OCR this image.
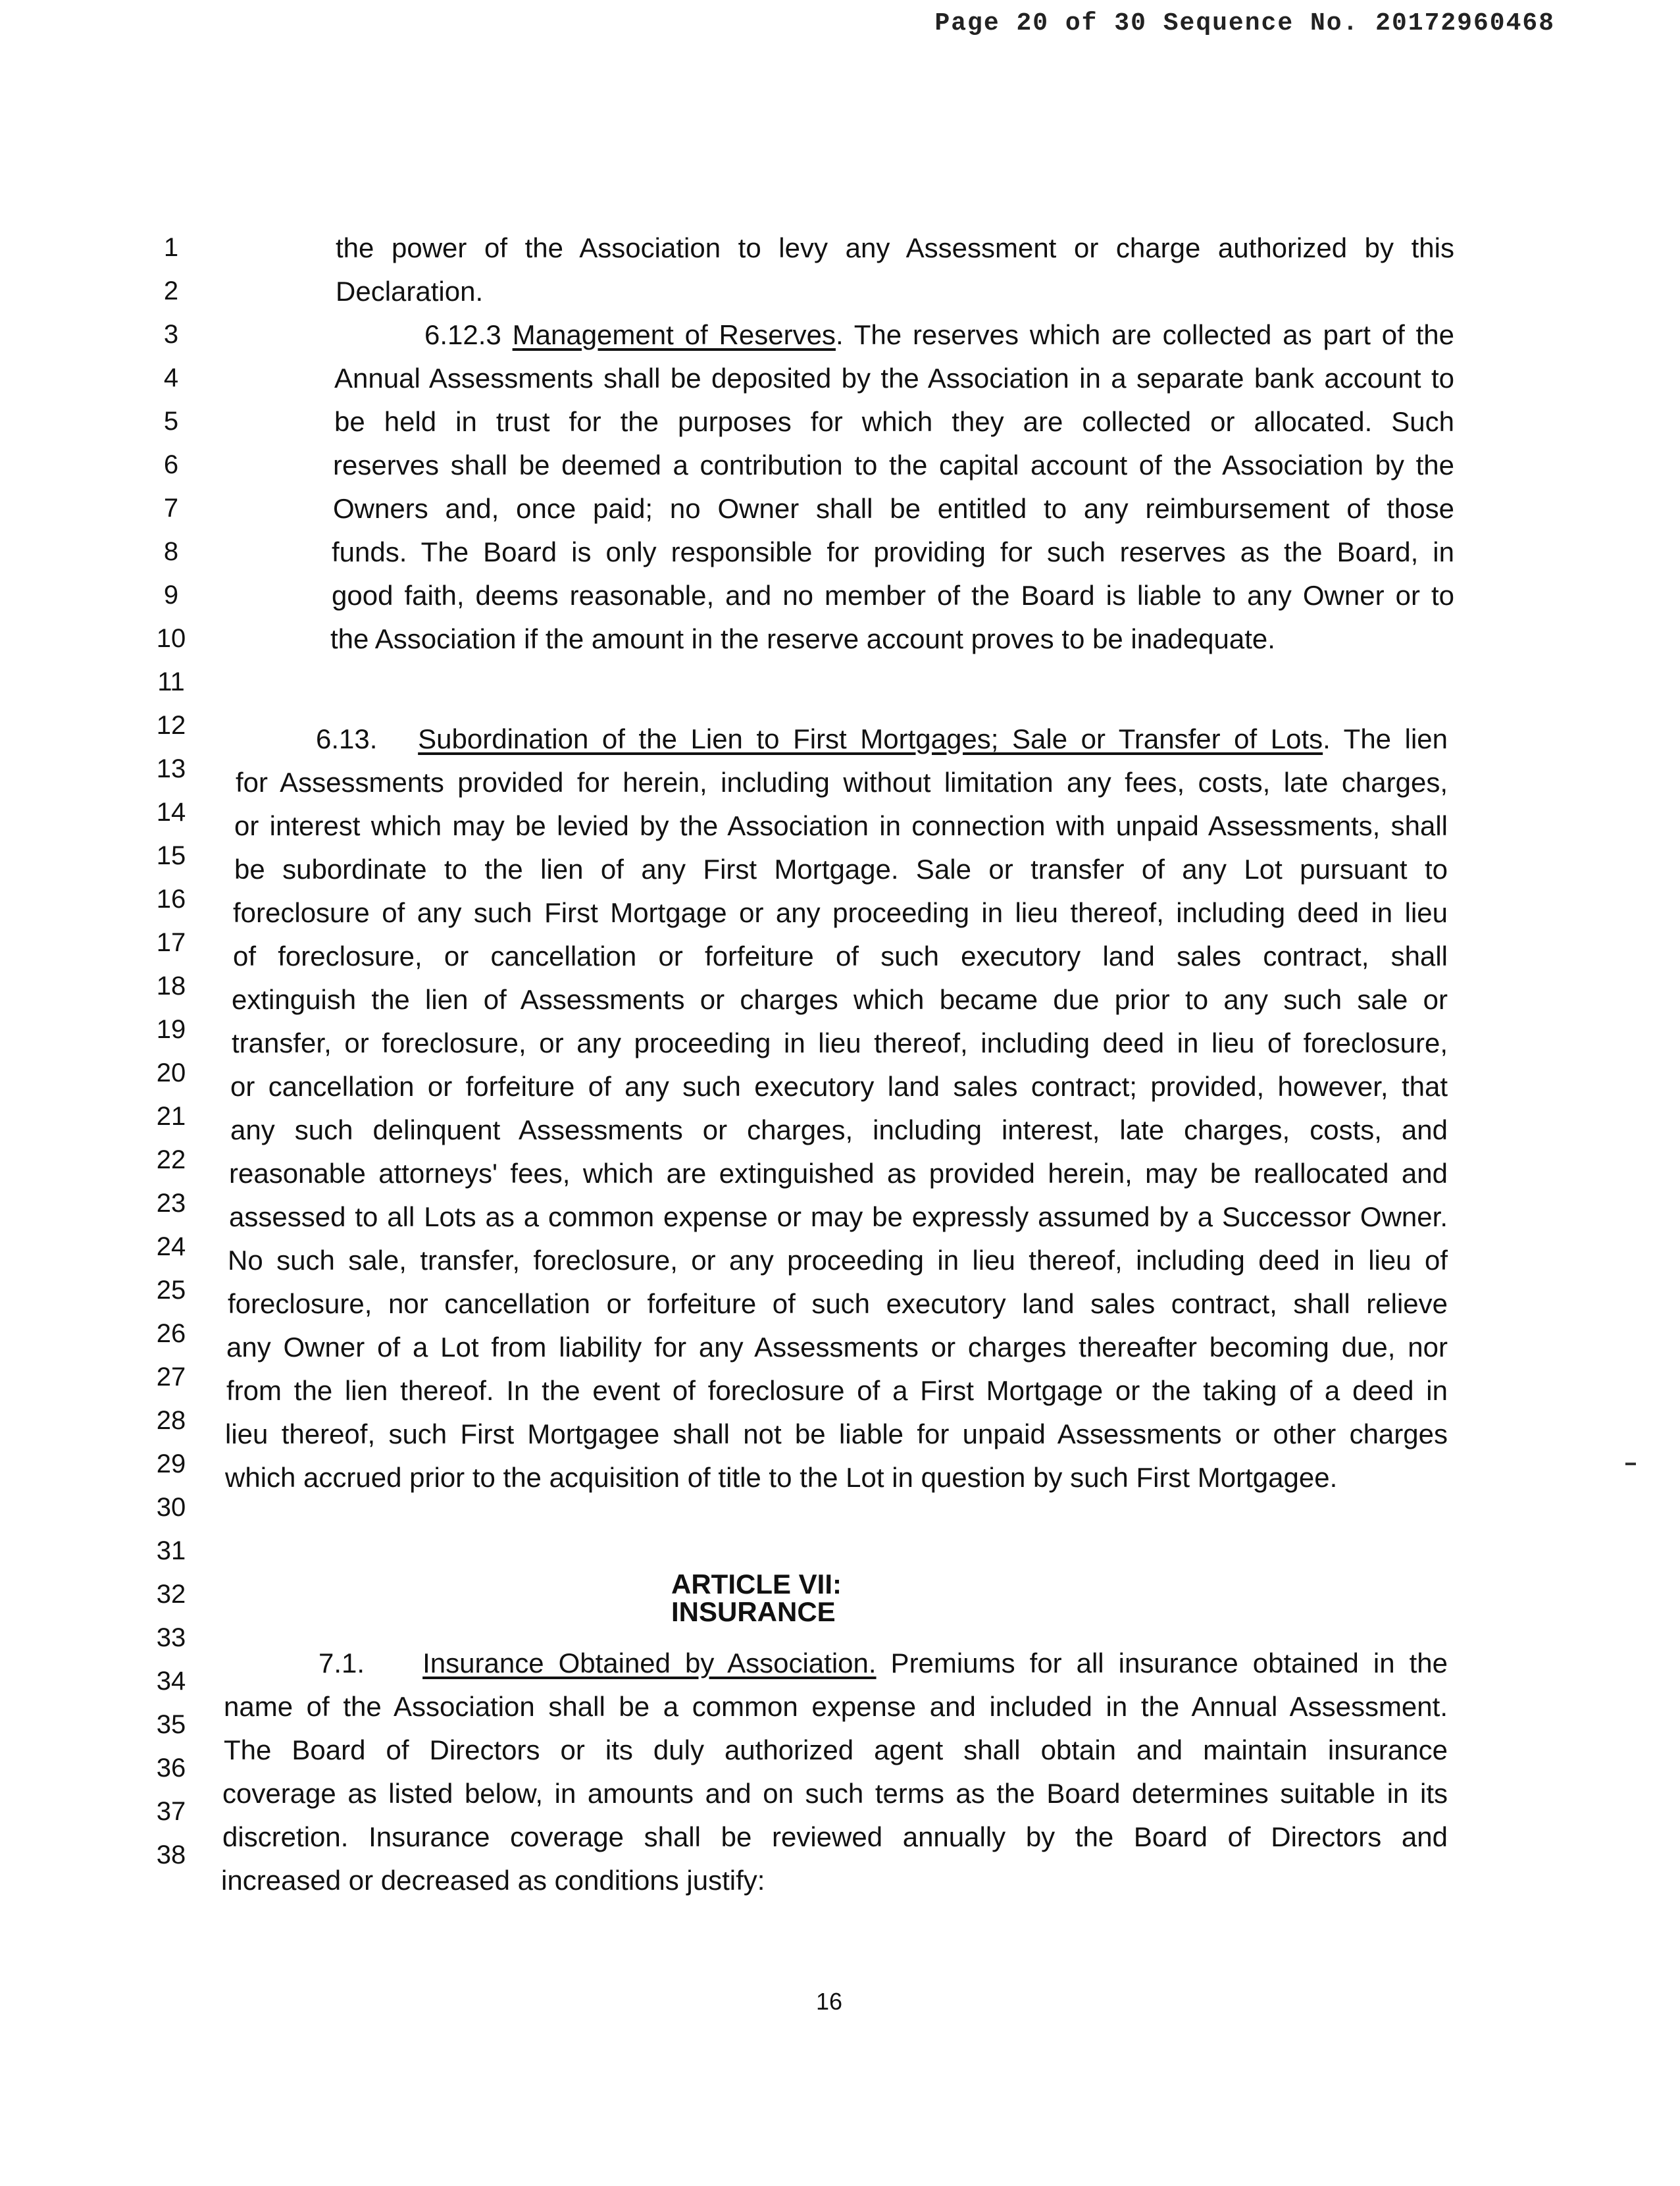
Page 20 of 30 Sequence No. 20172960468
1
2
3
4
5
6
7
8
9
10
11
12
13
14
15
16
17
18
19
20
21
22
23
24
25
26
27
28
29
30
31
32
33
34
35
36
37
38
the power of the Association to levy any Assessment or charge authorized by this
Declaration.
6.12.3 Management of Reserves. The reserves which are collected as part of the
Annual Assessments shall be deposited by the Association in a separate bank account to
be held in trust for the purposes for which they are collected or allocated. Such
reserves shall be deemed a contribution to the capital account of the Association by the
Owners and, once paid; no Owner shall be entitled to any reimbursement of those
funds. The Board is only responsible for providing for such reserves as the Board, in
good faith, deems reasonable, and no member of the Board is liable to any Owner or to
the Association if the amount in the reserve account proves to be inadequate.
6.13. Subordination of the Lien to First Mortgages; Sale or Transfer of Lots. The lien
for Assessments provided for herein, including without limitation any fees, costs, late charges,
or interest which may be levied by the Association in connection with unpaid Assessments, shall
be subordinate to the lien of any First Mortgage. Sale or transfer of any Lot pursuant to
foreclosure of any such First Mortgage or any proceeding in lieu thereof, including deed in lieu
of foreclosure, or cancellation or forfeiture of such executory land sales contract, shall
extinguish the lien of Assessments or charges which became due prior to any such sale or
transfer, or foreclosure, or any proceeding in lieu thereof, including deed in lieu of foreclosure,
or cancellation or forfeiture of any such executory land sales contract; provided, however, that
any such delinquent Assessments or charges, including interest, late charges, costs, and
reasonable attorneys' fees, which are extinguished as provided herein, may be reallocated and
assessed to all Lots as a common expense or may be expressly assumed by a Successor Owner.
No such sale, transfer, foreclosure, or any proceeding in lieu thereof, including deed in lieu of
foreclosure, nor cancellation or forfeiture of such executory land sales contract, shall relieve
any Owner of a Lot from liability for any Assessments or charges thereafter becoming due, nor
from the lien thereof. In the event of foreclosure of a First Mortgage or the taking of a deed in
lieu thereof, such First Mortgagee shall not be liable for unpaid Assessments or other charges
which accrued prior to the acquisition of title to the Lot in question by such First Mortgagee.
ARTICLE VII: INSURANCE
7.1. Insurance Obtained by Association. Premiums for all insurance obtained in the
name of the Association shall be a common expense and included in the Annual Assessment.
The Board of Directors or its duly authorized agent shall obtain and maintain insurance
coverage as listed below, in amounts and on such terms as the Board determines suitable in its
discretion. Insurance coverage shall be reviewed annually by the Board of Directors and
increased or decreased as conditions justify:
16
